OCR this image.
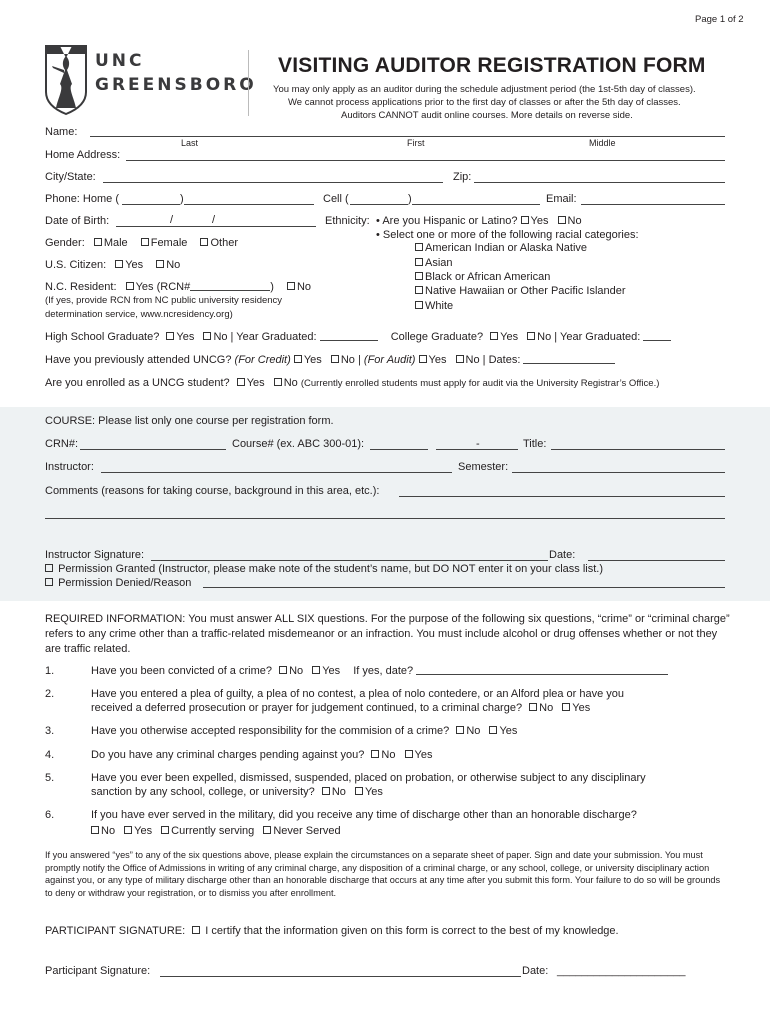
Page 1 of 2
UNC
GREENSBORO
VISITING AUDITOR REGISTRATION FORM
You may only apply as an auditor during the schedule adjustment period (the 1st-5th day of classes).
We cannot process applications prior to the first day of classes or after the 5th day of classes.
Auditors CANNOT audit online courses. More details on reverse side.
Name:
Last	First	Middle
Home Address:
City/State:	Zip:
Phone: Home (	)	Cell (	)	Email:
Date of Birth:	/	/	Ethnicity: • Are you Hispanic or Latino? Yes No
• Select one or more of the following racial categories:
American Indian or Alaska Native
Asian
Black or African American
Native Hawaiian or Other Pacific Islander
White
Gender: Male Female Other
U.S. Citizen: Yes No
N.C. Resident: Yes (RCN#	) No
(If yes, provide RCN from NC public university residency
determination service, www.ncresidency.org)
High School Graduate? Yes No | Year Graduated:	College Graduate? Yes No | Year Graduated:
Have you previously attended UNCG? (For Credit) Yes No | (For Audit) Yes No | Dates:
Are you enrolled as a UNCG student? Yes No (Currently enrolled students must apply for audit via the University Registrar’s Office.)
COURSE: Please list only one course per registration form.
CRN#:	Course# (ex. ABC 300-01):	-	Title:
Instructor:	Semester:
Comments (reasons for taking course, background in this area, etc.):
Instructor Signature:	Date:
Permission Granted (Instructor, please make note of the student’s name, but DO NOT enter it on your class list.)
Permission Denied/Reason
REQUIRED INFORMATION: You must answer ALL SIX questions. For the purpose of the following six questions, “crime” or “criminal charge” refers to any crime other than a traffic-related misdemeanor or an infraction. You must include alcohol or drug offenses whether or not they are traffic related.
1.	Have you been convicted of a crime? No Yes If yes, date?
2.	Have you entered a plea of guilty, a plea of no contest, a plea of nolo contedere, or an Alford plea or have you
received a deferred prosecution or prayer for judgement continued, to a criminal charge? No Yes
3.	Have you otherwise accepted responsibility for the commision of a crime? No Yes
4.	Do you have any criminal charges pending against you? No Yes
5.	Have you ever been expelled, dismissed, suspended, placed on probation, or otherwise subject to any disciplinary
sanction by any school, college, or university? No Yes
6.	If you have ever served in the military, did you receive any time of discharge other than an honorable discharge?
No Yes Currently serving Never Served
If you answered “yes” to any of the six questions above, please explain the circumstances on a separate sheet of paper. Sign and date your submission. You must promptly notify the Office of Admissions in writing of any criminal charge, any disposition of a criminal charge, or any school, college, or university disciplinary action against you, or any type of military discharge other than an honorable discharge that occurs at any time after you submit this form. Your failure to do so will be grounds to deny or withdraw your registration, or to dismiss you after enrollment.
PARTICIPANT SIGNATURE: I certify that the information given on this form is correct to the best of my knowledge.
Participant Signature:	Date: _____________________
